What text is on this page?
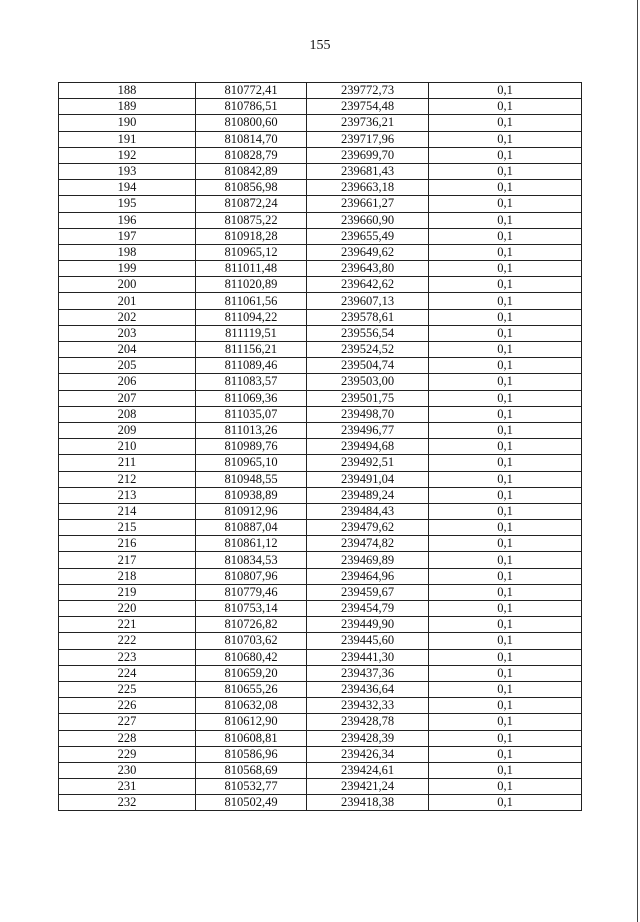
155
188	810772,41	239772,73	0,1
189	810786,51	239754,48	0,1
190	810800,60	239736,21	0,1
191	810814,70	239717,96	0,1
192	810828,79	239699,70	0,1
193	810842,89	239681,43	0,1
194	810856,98	239663,18	0,1
195	810872,24	239661,27	0,1
196	810875,22	239660,90	0,1
197	810918,28	239655,49	0,1
198	810965,12	239649,62	0,1
199	811011,48	239643,80	0,1
200	811020,89	239642,62	0,1
201	811061,56	239607,13	0,1
202	811094,22	239578,61	0,1
203	811119,51	239556,54	0,1
204	811156,21	239524,52	0,1
205	811089,46	239504,74	0,1
206	811083,57	239503,00	0,1
207	811069,36	239501,75	0,1
208	811035,07	239498,70	0,1
209	811013,26	239496,77	0,1
210	810989,76	239494,68	0,1
211	810965,10	239492,51	0,1
212	810948,55	239491,04	0,1
213	810938,89	239489,24	0,1
214	810912,96	239484,43	0,1
215	810887,04	239479,62	0,1
216	810861,12	239474,82	0,1
217	810834,53	239469,89	0,1
218	810807,96	239464,96	0,1
219	810779,46	239459,67	0,1
220	810753,14	239454,79	0,1
221	810726,82	239449,90	0,1
222	810703,62	239445,60	0,1
223	810680,42	239441,30	0,1
224	810659,20	239437,36	0,1
225	810655,26	239436,64	0,1
226	810632,08	239432,33	0,1
227	810612,90	239428,78	0,1
228	810608,81	239428,39	0,1
229	810586,96	239426,34	0,1
230	810568,69	239424,61	0,1
231	810532,77	239421,24	0,1
232	810502,49	239418,38	0,1
